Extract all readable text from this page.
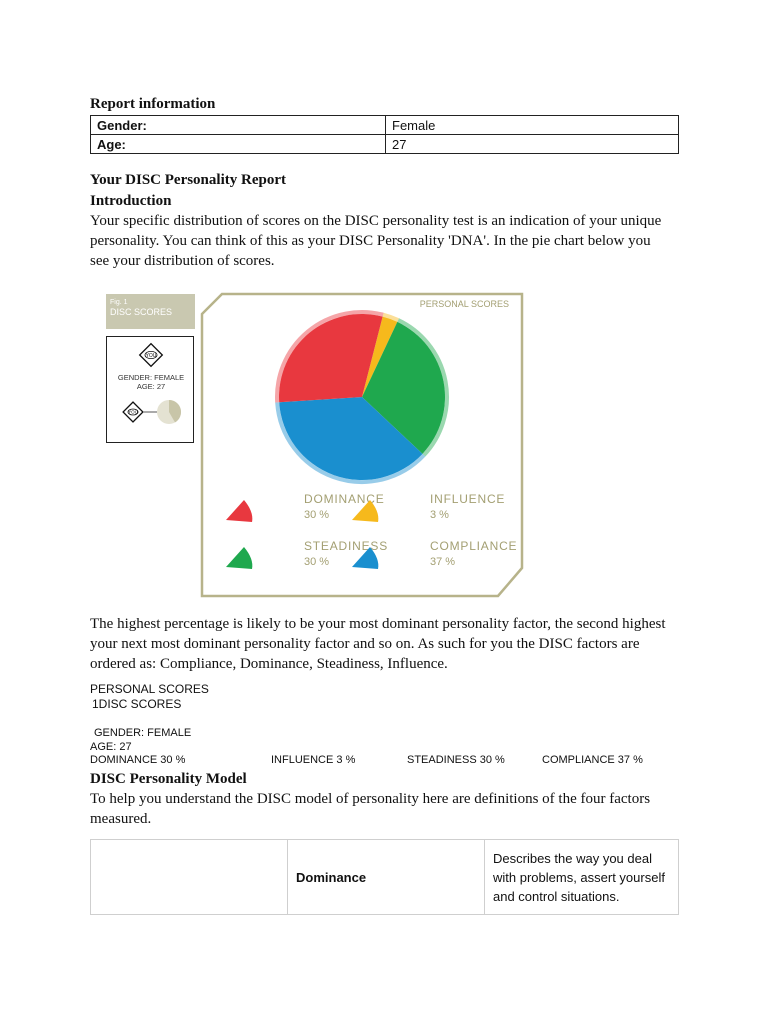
Report information
Gender:	Female
Age:	27
Your DISC Personality Report
Introduction
Your specific distribution of scores on the DISC personality test is an indication of your unique
personality. You can think of this as your DISC Personality 'DNA'. In the pie chart below you
see your distribution of scores.
Fig. 1
DISC SCORES
YOU
GENDER: FEMALE
AGE: 27
YOU
PERSONAL SCORES
DOMINANCE
30 %
INFLUENCE
3 %
STEADINESS
30 %
COMPLIANCE
37 %
The highest percentage is likely to be your most dominant personality factor, the second highest
your next most dominant personality factor and so on. As such for you the DISC factors are
ordered as: Compliance, Dominance, Steadiness, Influence.
PERSONAL SCORES
1DISC SCORES
GENDER: FEMALE
AGE: 27
DOMINANCE 30 %	INFLUENCE 3 %	STEADINESS 30 %	COMPLIANCE 37 %
DISC Personality Model
To help you understand the DISC model of personality here are definitions of the four factors
measured.
	Dominance	Describes the way you deal with problems, assert yourself and control situations.
